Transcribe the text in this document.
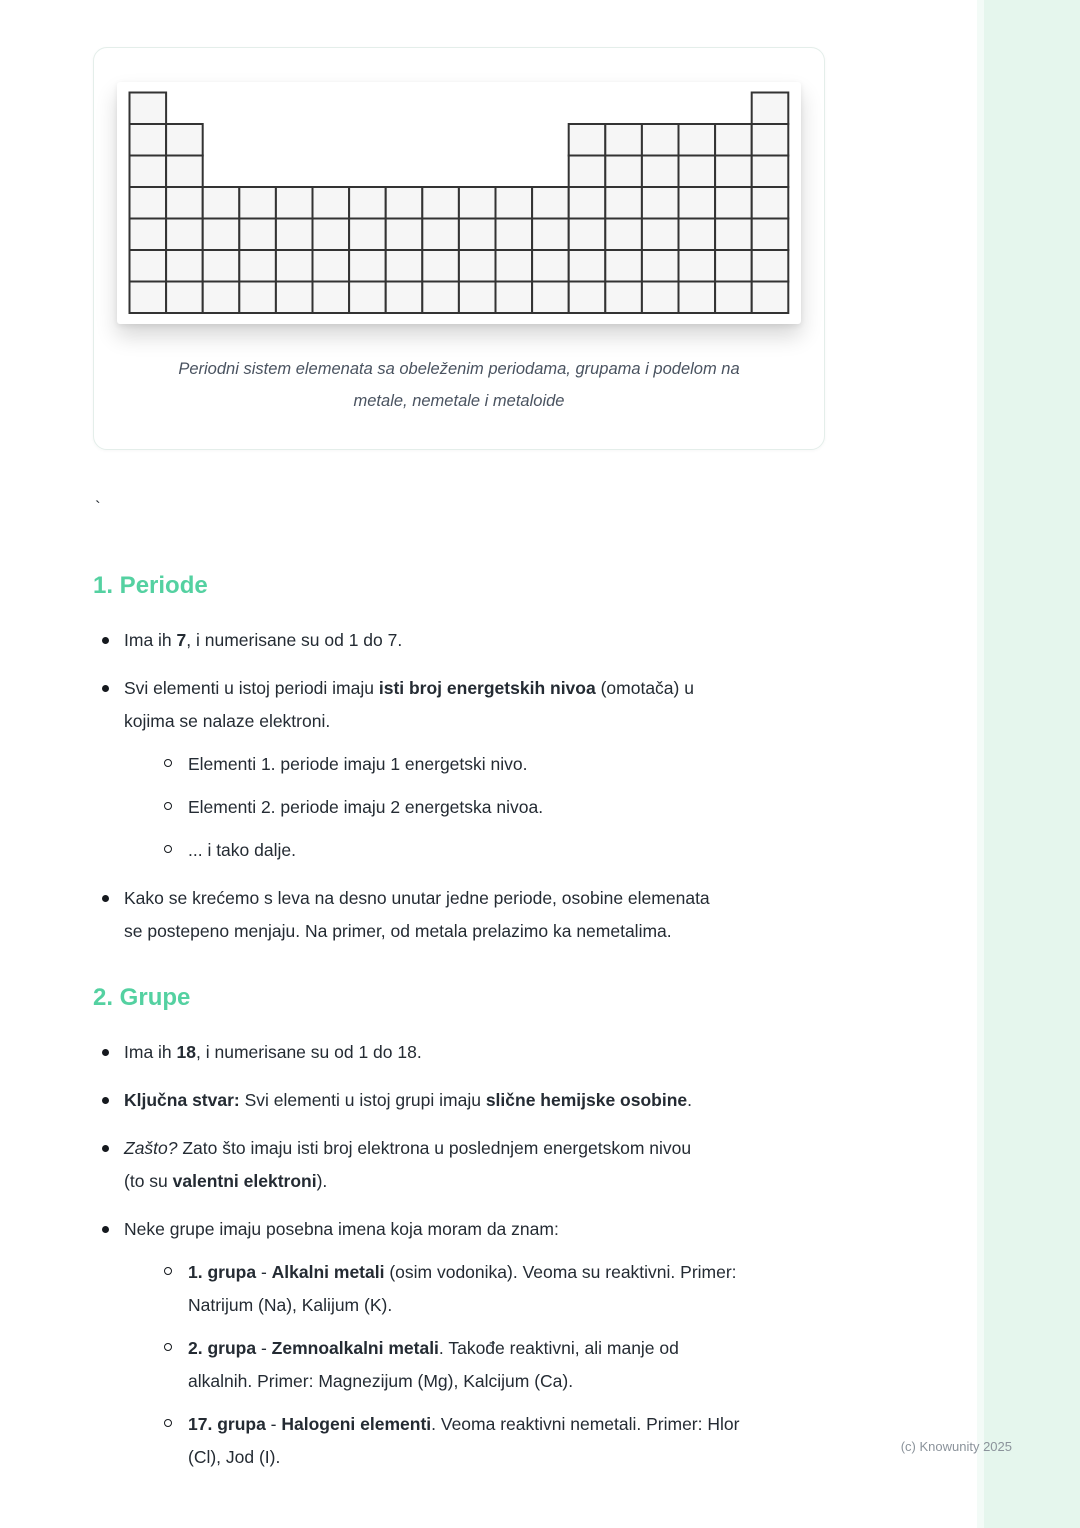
Periodni sistem elemenata sa obeleženim periodama, grupama i podelom na
metale, nemetale i metaloide
`
1. Periode
Ima ih 7, i numerisane su od 1 do 7.
Svi elementi u istoj periodi imaju isti broj energetskih nivoa (omotača) u
kojima se nalaze elektroni.
Elementi 1. periode imaju 1 energetski nivo.
Elementi 2. periode imaju 2 energetska nivoa.
... i tako dalje.
Kako se krećemo s leva na desno unutar jedne periode, osobine elemenata
se postepeno menjaju. Na primer, od metala prelazimo ka nemetalima.
2. Grupe
Ima ih 18, i numerisane su od 1 do 18.
Ključna stvar: Svi elementi u istoj grupi imaju slične hemijske osobine.
Zašto? Zato što imaju isti broj elektrona u poslednjem energetskom nivou
(to su valentni elektroni).
Neke grupe imaju posebna imena koja moram da znam:
1. grupa - Alkalni metali (osim vodonika). Veoma su reaktivni. Primer:
Natrijum (Na), Kalijum (K).
2. grupa - Zemnoalkalni metali. Takođe reaktivni, ali manje od
alkalnih. Primer: Magnezijum (Mg), Kalcijum (Ca).
17. grupa - Halogeni elementi. Veoma reaktivni nemetali. Primer: Hlor
(Cl), Jod (I).
(c) Knowunity 2025
